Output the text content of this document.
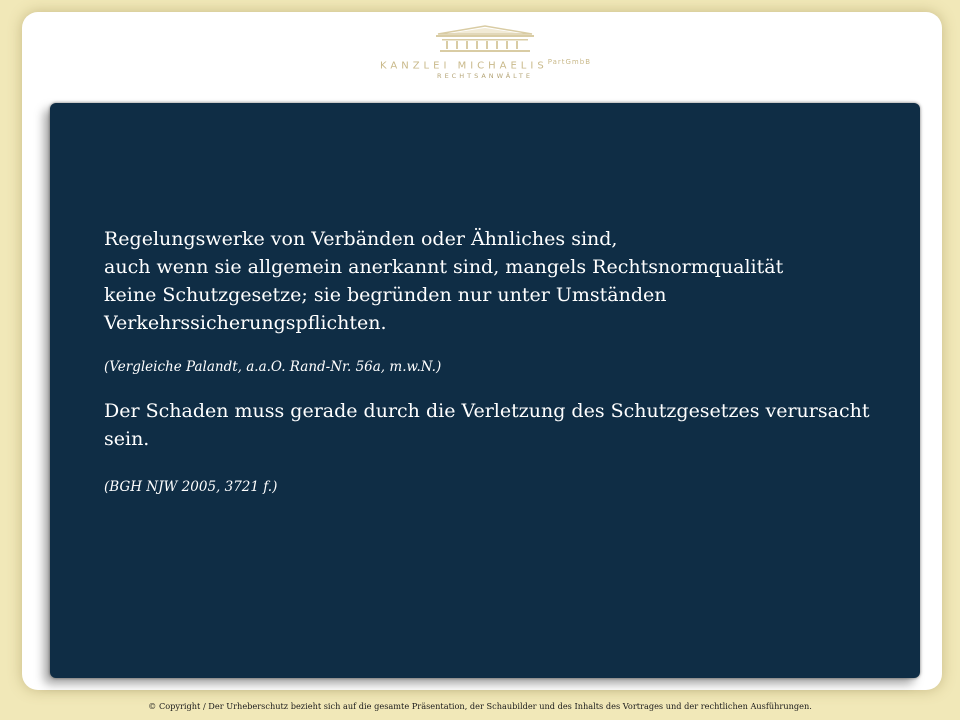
KANZLEI $MICHAELIS^{PartGmbB}$
RECHTSANWÄLTE

Regelungswerke von Verbänden oder Ähnliches sind,
auch wenn sie allgemein anerkannt sind, mangels Rechtsnormqualität
keine Schutzgesetze; sie begründen nur unter Umständen
Verkehrssicherungspflichten.

(Vergleiche Palandt, a.a.O. Rand-Nr. 56a, m.w.N.)

Der Schaden muss gerade durch die Verletzung des Schutzgesetzes verursacht sein.

(BGH NJW 2005, 3721 f.)

© Copyright / Der Urheberschutz bezieht sich auf die gesamte Präsentation, der Schaubilder und des Inhalts des Vortrages und der rechtlichen Ausführungen.
